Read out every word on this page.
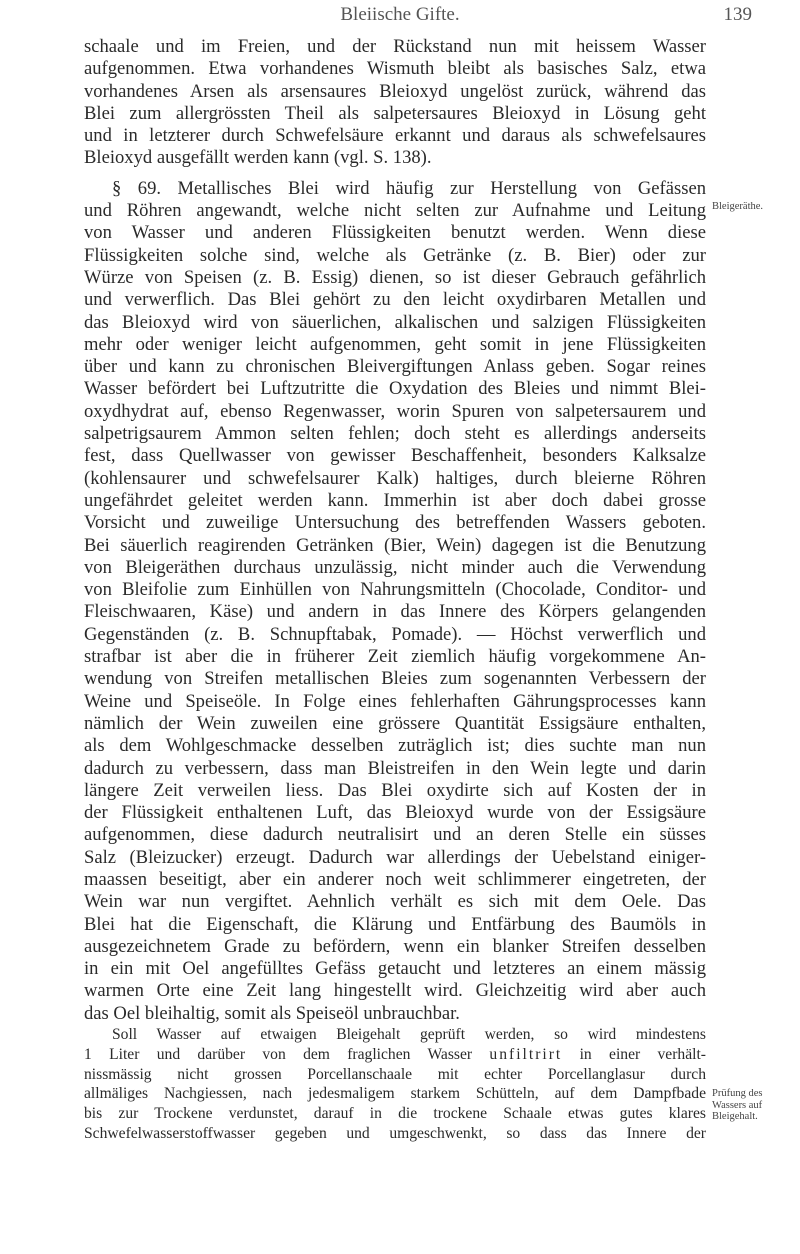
Bleiische Gifte.	139
schaale und im Freien, und der Rückstand nun mit heissem Wasser
aufgenommen. Etwa vorhandenes Wismuth bleibt als basisches Salz, etwa
vorhandenes Arsen als arsensaures Bleioxyd ungelöst zurück, während das
Blei zum allergrössten Theil als salpetersaures Bleioxyd in Lösung geht
und in letzterer durch Schwefelsäure erkannt und daraus als schwefelsaures
Bleioxyd ausgefällt werden kann (vgl. S. 138).
§ 69. Metallisches Blei wird häufig zur Herstellung von Gefässen
und Röhren angewandt, welche nicht selten zur Aufnahme und Leitung
von Wasser und anderen Flüssigkeiten benutzt werden. Wenn diese
Flüssigkeiten solche sind, welche als Getränke (z. B. Bier) oder zur
Würze von Speisen (z. B. Essig) dienen, so ist dieser Gebrauch gefährlich
und verwerflich. Das Blei gehört zu den leicht oxydirbaren Metallen und
das Bleioxyd wird von säuerlichen, alkalischen und salzigen Flüssigkeiten
mehr oder weniger leicht aufgenommen, geht somit in jene Flüssigkeiten
über und kann zu chronischen Bleivergiftungen Anlass geben. Sogar reines
Wasser befördert bei Luftzutritte die Oxydation des Bleies und nimmt Blei-
oxydhydrat auf, ebenso Regenwasser, worin Spuren von salpetersaurem und
salpetrigsaurem Ammon selten fehlen; doch steht es allerdings anderseits
fest, dass Quellwasser von gewisser Beschaffenheit, besonders Kalksalze
(kohlensaurer und schwefelsaurer Kalk) haltiges, durch bleierne Röhren
ungefährdet geleitet werden kann. Immerhin ist aber doch dabei grosse
Vorsicht und zuweilige Untersuchung des betreffenden Wassers geboten.
Bei säuerlich reagirenden Getränken (Bier, Wein) dagegen ist die Benutzung
von Bleigeräthen durchaus unzulässig, nicht minder auch die Verwendung
von Bleifolie zum Einhüllen von Nahrungsmitteln (Chocolade, Conditor- und
Fleischwaaren, Käse) und andern in das Innere des Körpers gelangenden
Gegenständen (z. B. Schnupftabak, Pomade). — Höchst verwerflich und
strafbar ist aber die in früherer Zeit ziemlich häufig vorgekommene An-
wendung von Streifen metallischen Bleies zum sogenannten Verbessern der
Weine und Speiseöle. In Folge eines fehlerhaften Gährungsprocesses kann
nämlich der Wein zuweilen eine grössere Quantität Essigsäure enthalten,
als dem Wohlgeschmacke desselben zuträglich ist; dies suchte man nun
dadurch zu verbessern, dass man Bleistreifen in den Wein legte und darin
längere Zeit verweilen liess. Das Blei oxydirte sich auf Kosten der in
der Flüssigkeit enthaltenen Luft, das Bleioxyd wurde von der Essigsäure
aufgenommen, diese dadurch neutralisirt und an deren Stelle ein süsses
Salz (Bleizucker) erzeugt. Dadurch war allerdings der Uebelstand einiger-
maassen beseitigt, aber ein anderer noch weit schlimmerer eingetreten, der
Wein war nun vergiftet. Aehnlich verhält es sich mit dem Oele. Das
Blei hat die Eigenschaft, die Klärung und Entfärbung des Baumöls in
ausgezeichnetem Grade zu befördern, wenn ein blanker Streifen desselben
in ein mit Oel angefülltes Gefäss getaucht und letzteres an einem mässig
warmen Orte eine Zeit lang hingestellt wird. Gleichzeitig wird aber auch
das Oel bleihaltig, somit als Speiseöl unbrauchbar.
Soll Wasser auf etwaigen Bleigehalt geprüft werden, so wird mindestens
1 Liter und darüber von dem fraglichen Wasser unfiltrirt in einer verhält-
nissmässig nicht grossen Porcellanschaale mit echter Porcellanglasur durch
allmäliges Nachgiessen, nach jedesmaligem starkem Schütteln, auf dem Dampfbade
bis zur Trockene verdunstet, darauf in die trockene Schaale etwas gutes klares
Schwefelwasserstoffwasser gegeben und umgeschwenkt, so dass das Innere der
Bleigeräthe.
Prüfung des
Wassers auf
Bleigehalt.
